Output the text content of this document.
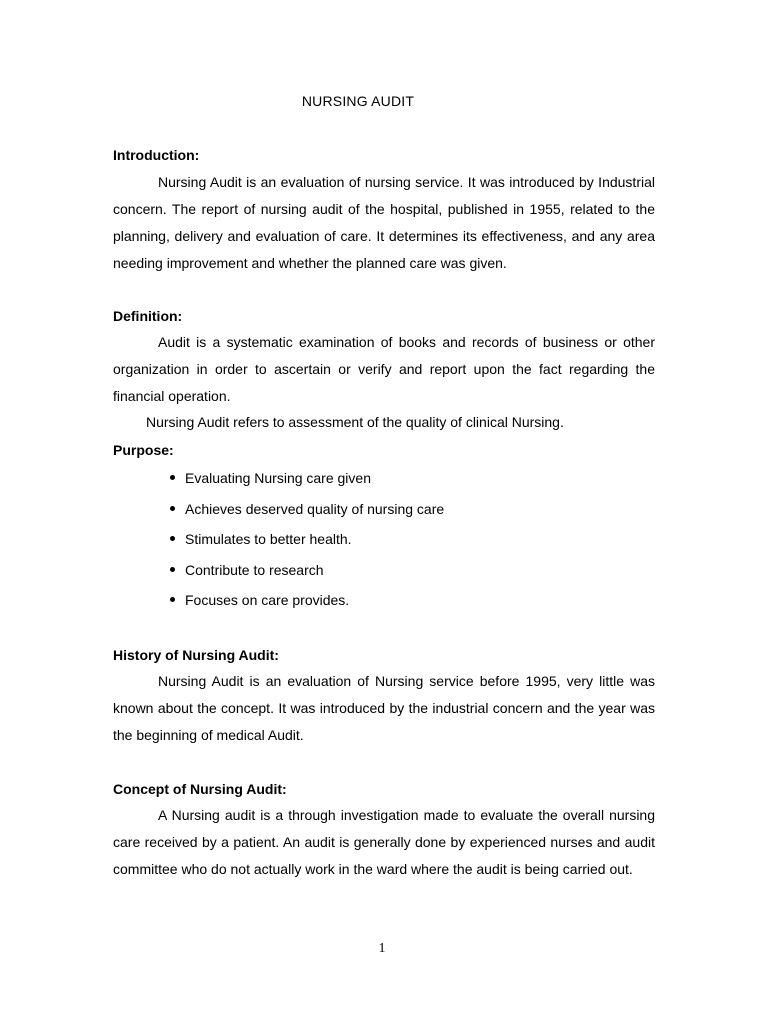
NURSING AUDIT
Introduction:

Nursing Audit is an evaluation of nursing service. It was introduced by Industrial concern. The report of nursing audit of the hospital, published in 1955, related to the planning, delivery and evaluation of care. It determines its effectiveness, and any area needing improvement and whether the planned care was given.

Definition:

Audit is a systematic examination of books and records of business or other organization in order to ascertain or verify and report upon the fact regarding the financial operation.

Nursing Audit refers to assessment of the quality of clinical Nursing.

Purpose:
Evaluating Nursing care given
Achieves deserved quality of nursing care
Stimulates to better health.
Contribute to research
Focuses on care provides.
History of Nursing Audit:

Nursing Audit is an evaluation of Nursing service before 1995, very little was known about the concept. It was introduced by the industrial concern and the year was the beginning of medical Audit.

Concept of Nursing Audit:

A Nursing audit is a through investigation made to evaluate the overall nursing care received by a patient. An audit is generally done by experienced nurses and audit committee who do not actually work in the ward where the audit is being carried out.

1
